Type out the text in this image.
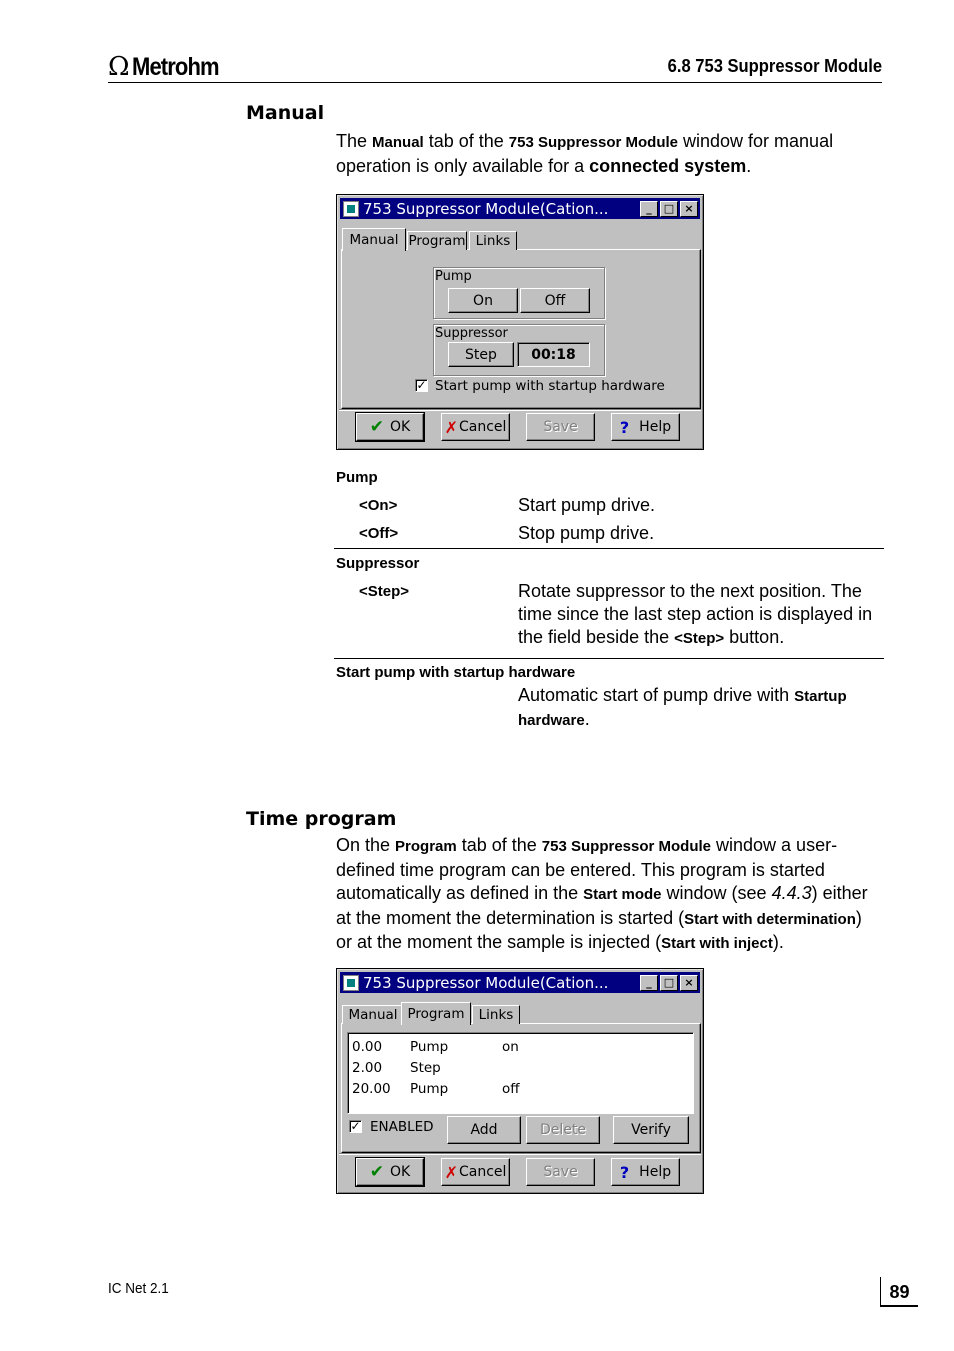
Ω Metrohm	6.8 753 Suppressor Module
Manual

The Manual tab of the 753 Suppressor Module window for manual operation is only available for a connected system.

753 Suppressor Module(Cation...	_	□ ×
Manual Program Links
Pump
On	Off
Suppressor
Step	00:18
✓ Start pump with startup hardware
✔ OK ✗ Cancel	Save	? Help
Pump
<On>	Start pump drive.
<Off>	Stop pump drive.
Suppressor
<Step>	Rotate suppressor to the next position. The time since the last step action is displayed in the field beside the <Step> button.

Start pump with startup hardware

Automatic start of pump drive with Startup hardware.

Time program

On the Program tab of the 753 Suppressor Module window a user-defined time program can be entered. This program is started automatically as defined in the Start mode window (see 4.4.3) either at the moment the determination is started (Start with determination) or at the moment the sample is injected (Start with inject).

753 Suppressor Module(Cation...	_	□ ×
Manual Program	Links
0.00	Pump	on
2.00	Step
20.00	Pump	off
✓ ENABLED	Add	Delete	Verify
✔ OK ✗ Cancel	Save	? Help
IC Net 2.1	89
